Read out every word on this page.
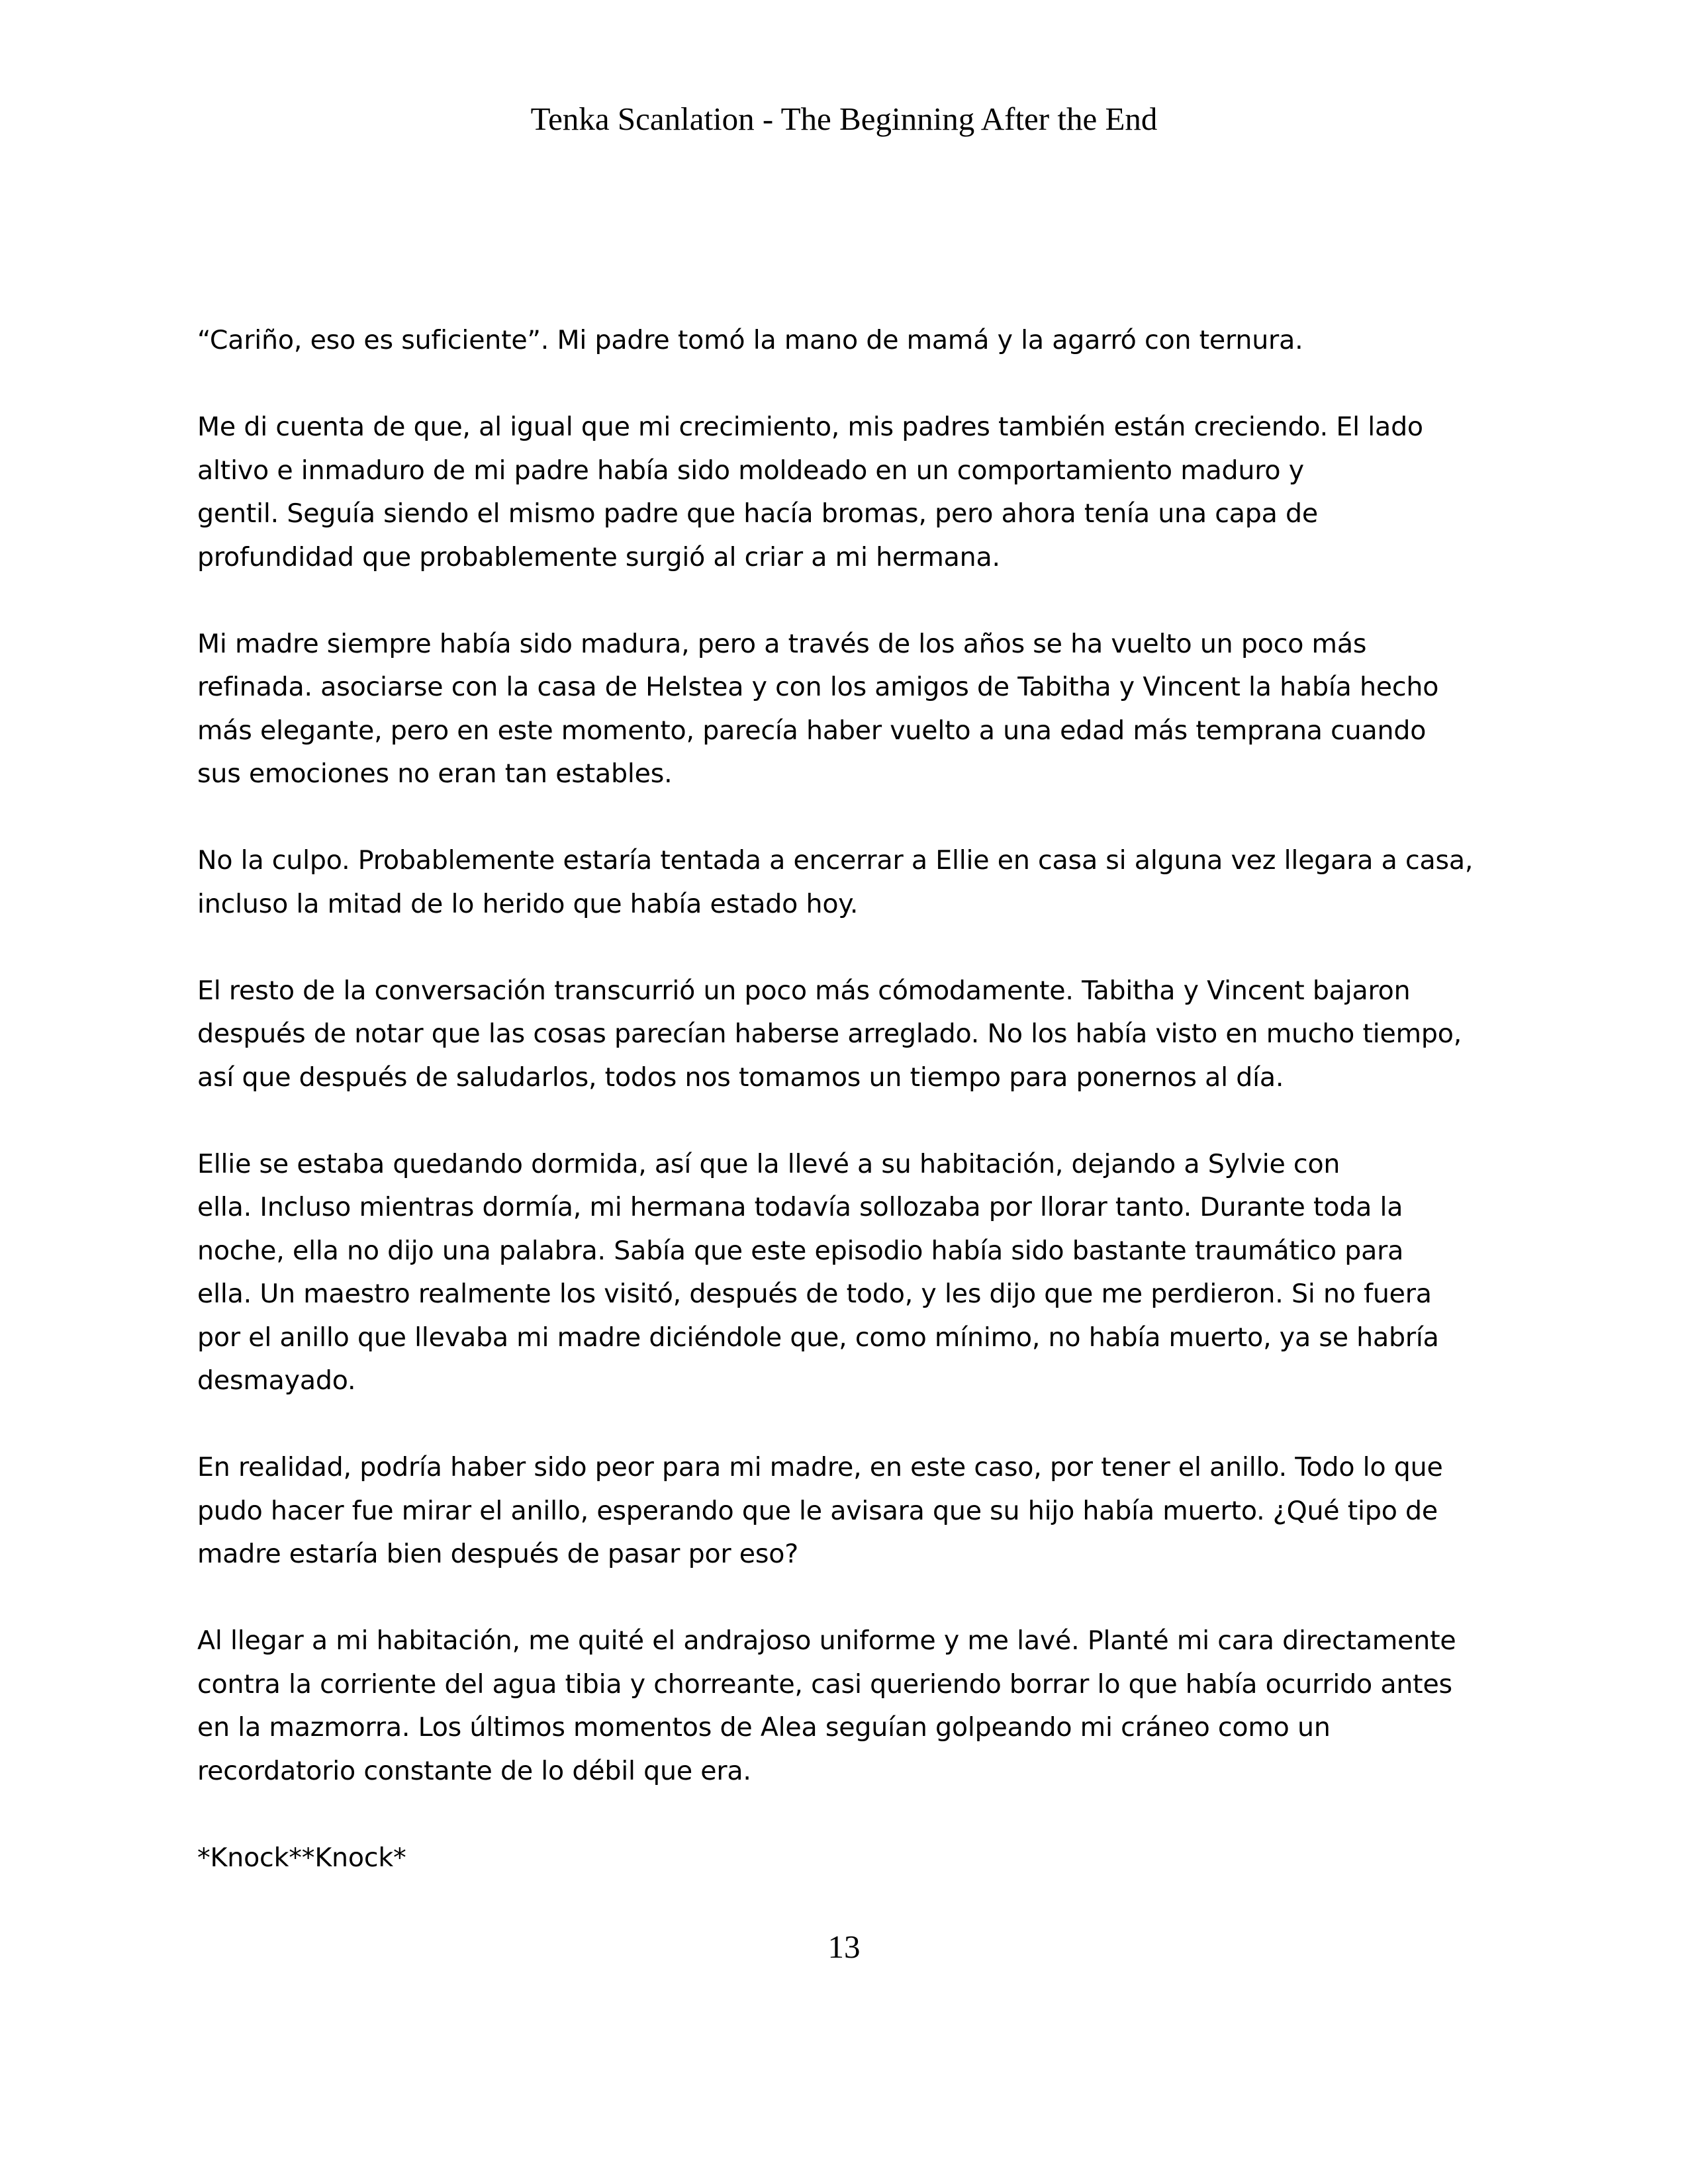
Tenka Scanlation - The Beginning After the End

“Cariño, eso es suficiente”. Mi padre tomó la mano de mamá y la agarró con ternura.

Me di cuenta de que, al igual que mi crecimiento, mis padres también están creciendo. El lado
altivo e inmaduro de mi padre había sido moldeado en un comportamiento maduro y
gentil. Seguía siendo el mismo padre que hacía bromas, pero ahora tenía una capa de
profundidad que probablemente surgió al criar a mi hermana.

Mi madre siempre había sido madura, pero a través de los años se ha vuelto un poco más
refinada. asociarse con la casa de Helstea y con los amigos de Tabitha y Vincent la había hecho
más elegante, pero en este momento, parecía haber vuelto a una edad más temprana cuando
sus emociones no eran tan estables.

No la culpo. Probablemente estaría tentada a encerrar a Ellie en casa si alguna vez llegara a casa,
incluso la mitad de lo herido que había estado hoy.

El resto de la conversación transcurrió un poco más cómodamente. Tabitha y Vincent bajaron
después de notar que las cosas parecían haberse arreglado. No los había visto en mucho tiempo,
así que después de saludarlos, todos nos tomamos un tiempo para ponernos al día.

Ellie se estaba quedando dormida, así que la llevé a su habitación, dejando a Sylvie con
ella. Incluso mientras dormía, mi hermana todavía sollozaba por llorar tanto. Durante toda la
noche, ella no dijo una palabra. Sabía que este episodio había sido bastante traumático para
ella. Un maestro realmente los visitó, después de todo, y les dijo que me perdieron. Si no fuera
por el anillo que llevaba mi madre diciéndole que, como mínimo, no había muerto, ya se habría
desmayado.

En realidad, podría haber sido peor para mi madre, en este caso, por tener el anillo. Todo lo que
pudo hacer fue mirar el anillo, esperando que le avisara que su hijo había muerto. ¿Qué tipo de
madre estaría bien después de pasar por eso?

Al llegar a mi habitación, me quité el andrajoso uniforme y me lavé. Planté mi cara directamente
contra la corriente del agua tibia y chorreante, casi queriendo borrar lo que había ocurrido antes
en la mazmorra. Los últimos momentos de Alea seguían golpeando mi cráneo como un
recordatorio constante de lo débil que era.

*Knock**Knock*

13
